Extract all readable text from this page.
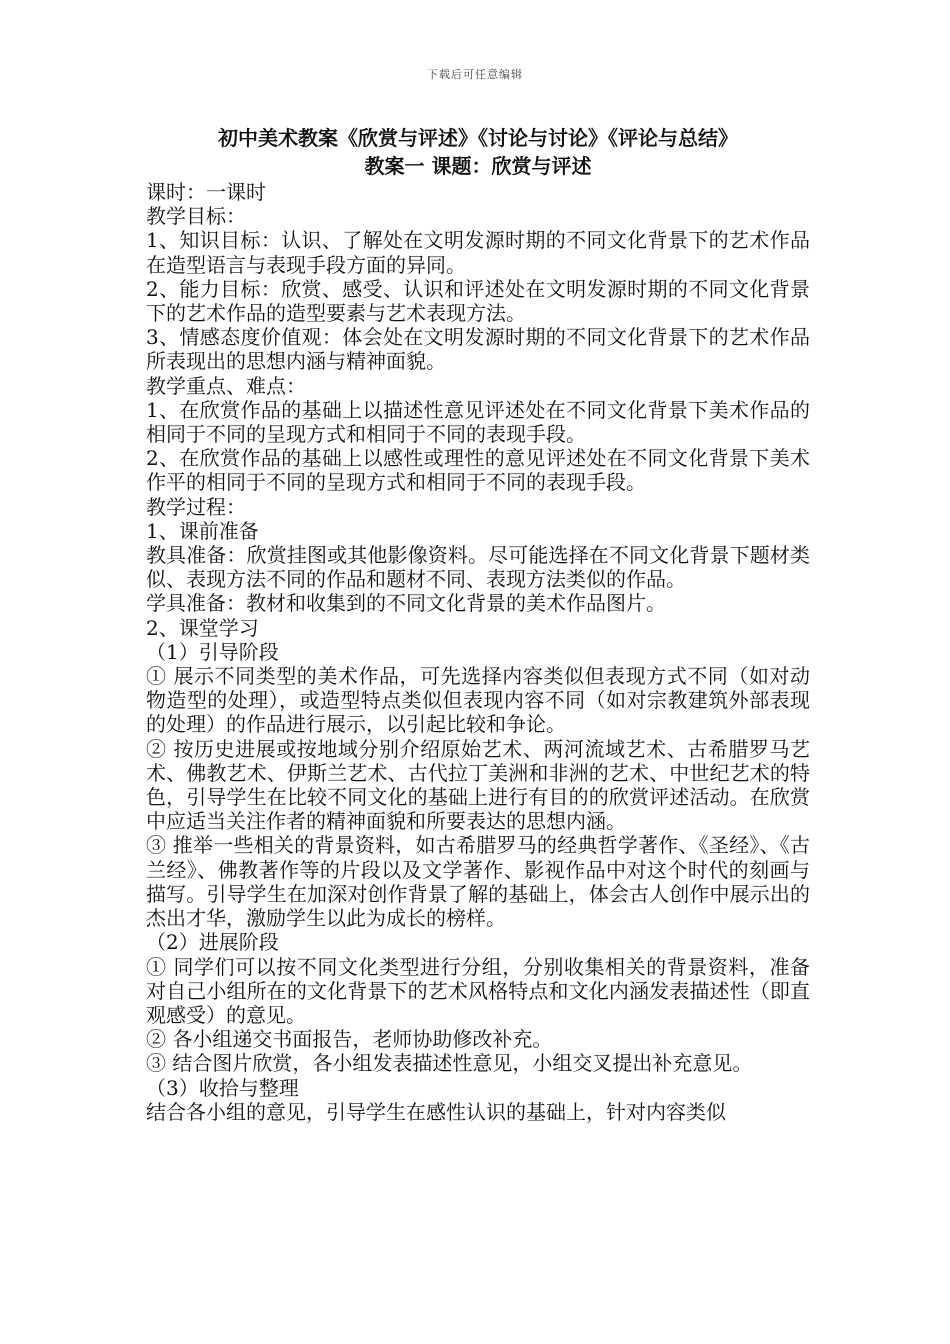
下载后可任意编辑

初中美术教案《欣赏与评述》《讨论与讨论》《评论与总结》

教案一 课题：欣赏与评述

课时：一课时

教学目标：

1、知识目标：认识、了解处在文明发源时期的不同文化背景下的艺术作品在造型语言与表现手段方面的异同。

2、能力目标：欣赏、感受、认识和评述处在文明发源时期的不同文化背景下的艺术作品的造型要素与艺术表现方法。

3、情感态度价值观：体会处在文明发源时期的不同文化背景下的艺术作品所表现出的思想内涵与精神面貌。

教学重点、难点：

1、在欣赏作品的基础上以描述性意见评述处在不同文化背景下美术作品的相同于不同的呈现方式和相同于不同的表现手段。

2、在欣赏作品的基础上以感性或理性的意见评述处在不同文化背景下美术作平的相同于不同的呈现方式和相同于不同的表现手段。

教学过程：

1、课前准备

教具准备：欣赏挂图或其他影像资料。尽可能选择在不同文化背景下题材类似、表现方法不同的作品和题材不同、表现方法类似的作品。

学具准备：教材和收集到的不同文化背景的美术作品图片。

2、课堂学习

（1）引导阶段

① 展示不同类型的美术作品，可先选择内容类似但表现方式不同（如对动物造型的处理），或造型特点类似但表现内容不同（如对宗教建筑外部表现的处理）的作品进行展示，以引起比较和争论。

② 按历史进展或按地域分别介绍原始艺术、两河流域艺术、古希腊罗马艺术、佛教艺术、伊斯兰艺术、古代拉丁美洲和非洲的艺术、中世纪艺术的特色，引导学生在比较不同文化的基础上进行有目的的欣赏评述活动。在欣赏中应适当关注作者的精神面貌和所要表达的思想内涵。

③ 推举一些相关的背景资料，如古希腊罗马的经典哲学著作、《圣经》、《古兰经》、佛教著作等的片段以及文学著作、影视作品中对这个时代的刻画与描写。引导学生在加深对创作背景了解的基础上，体会古人创作中展示出的杰出才华，激励学生以此为成长的榜样。

（2）进展阶段

① 同学们可以按不同文化类型进行分组，分别收集相关的背景资料，准备对自己小组所在的文化背景下的艺术风格特点和文化内涵发表描述性（即直观感受）的意见。

② 各小组递交书面报告，老师协助修改补充。

③ 结合图片欣赏，各小组发表描述性意见，小组交叉提出补充意见。

（3）收拾与整理

结合各小组的意见，引导学生在感性认识的基础上，针对内容类似
